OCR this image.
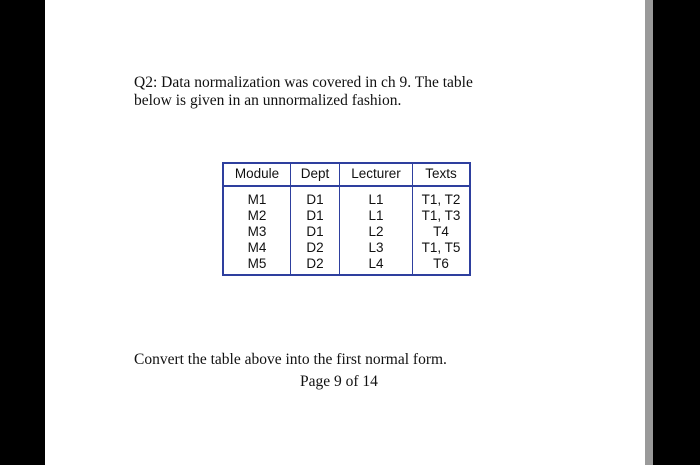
Q2: Data normalization was covered in ch 9. The table
below is given in an unnormalized fashion.

Module	Dept	Lecturer	Texts
M1	D1	L1	T1, T2
M2	D1	L1	T1, T3
M3	D1	L2	T4
M4	D2	L3	T1, T5
M5	D2	L4	T6

Convert the table above into the first normal form.

Page 9 of 14
